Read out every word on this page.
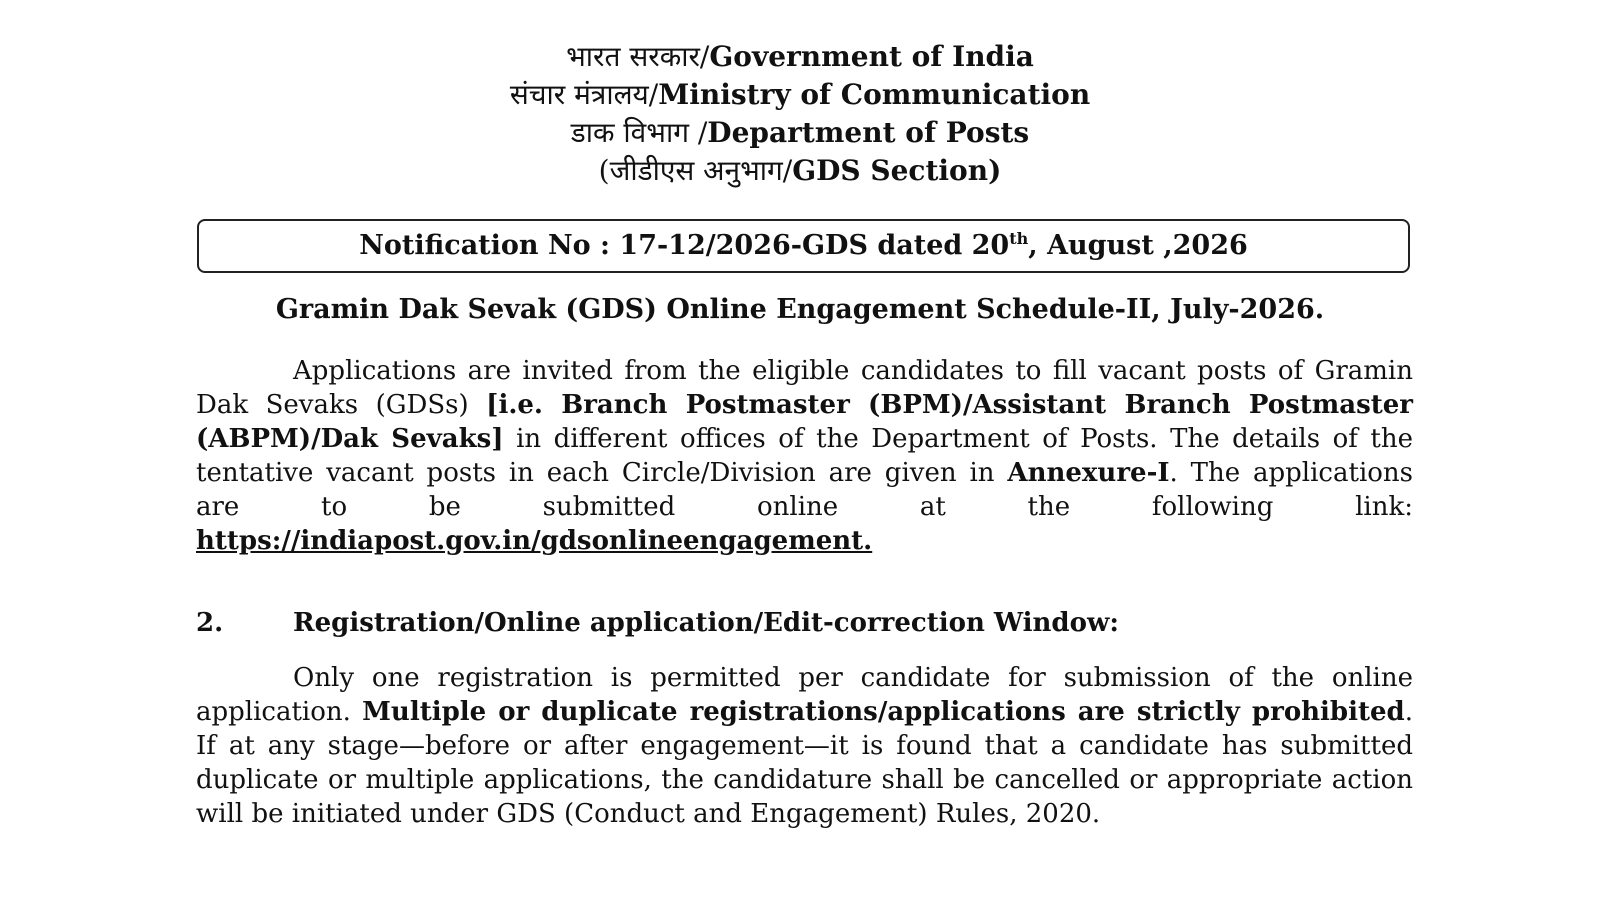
भारत सरकार/Government of India
संचार मंत्रालय/Ministry of Communication
डाक विभाग /Department of Posts
(जीडीएस अनुभाग/GDS Section)
Notification No : 17-12/2026-GDS dated 20th, August ,2026
Gramin Dak Sevak (GDS) Online Engagement Schedule-II, July-2026.

Applications are invited from the eligible candidates to fill vacant posts of Gramin Dak Sevaks (GDSs) [i.e. Branch Postmaster (BPM)/Assistant Branch Postmaster (ABPM)/Dak Sevaks] in different offices of the Department of Posts. The details of the tentative vacant posts in each Circle/Division are given in Annexure-I. The applications are to be submitted online at the following link: https://indiapost.gov.in/gdsonlineengagement.

2.	Registration/Online application/Edit-correction Window:

Only one registration is permitted per candidate for submission of the online application. Multiple or duplicate registrations/applications are strictly prohibited. If at any stage—before or after engagement—it is found that a candidate has submitted duplicate or multiple applications, the candidature shall be cancelled or appropriate action will be initiated under GDS (Conduct and Engagement) Rules, 2020.
